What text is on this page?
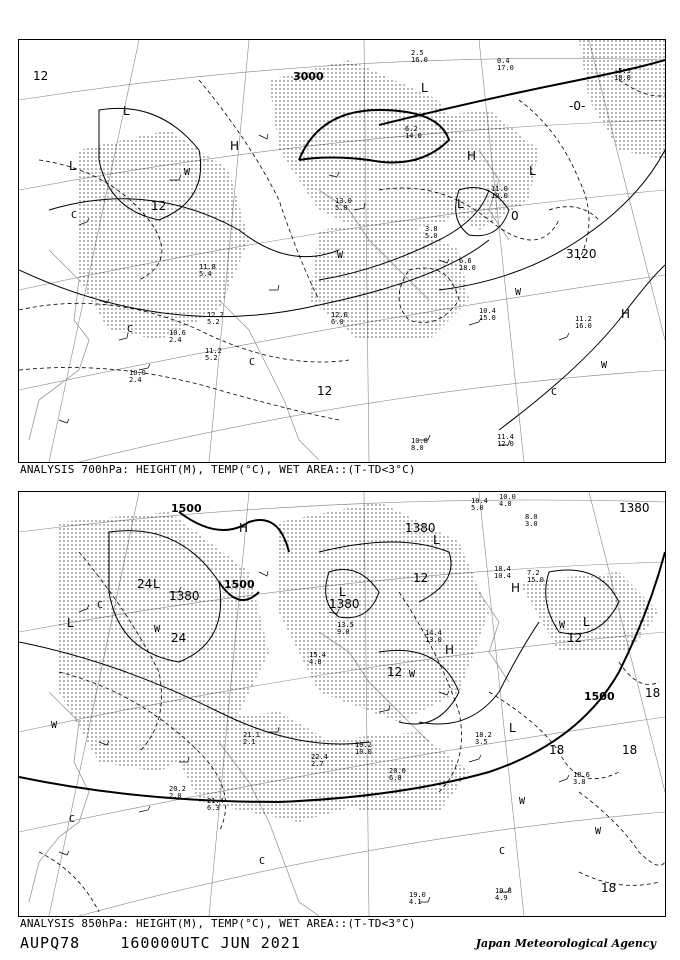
3000
3120
12
12
12
-0-
0
L
L
L
L
L
H
H
H
W
W
W
W
C
C
C
C
2.5
16.0	0.4
17.0	-5.3
18.0
6.2
14.0
3.8
5.0
11.0
10.0
13.0
5.0
6.6
18.0
10.4
15.0	11.2
16.0
12.2
5.2
11.8
5.4
10.6
2.4
11.2
5.2
10.0
2.4
10.8
8.0
11.4
12.0
12.6
6.0
ANALYSIS 700hPa: HEIGHT(M), TEMP(°C), WET AREA::(T-TD<3°C)
1500
1500
1500
1380
1380
1380
1380
24
24
12
12
12
18
18	18
18
L
L
L
L
L
L
H
H
H
W
W
W
W
W
W
C
C
C
C
10.4
5.0
10.0
4.0
8.0
3.0
18.4
10.4 7.2
15.0
14.4
13.0
20.0
6.0
19.2
10.0
18.2
3.5
18.6
3.8
19.0
4.1
19.8
4.9
21.4
6.3
20.2
2.0
15.4
4.8
13.5
9.0
22.4
2.7
21.1
2.1
ANALYSIS 850hPa: HEIGHT(M), TEMP(°C), WET AREA::(T-TD<3°C)
AUPQ78	160000UTC JUN 2021	Japan Meteorological Agency
